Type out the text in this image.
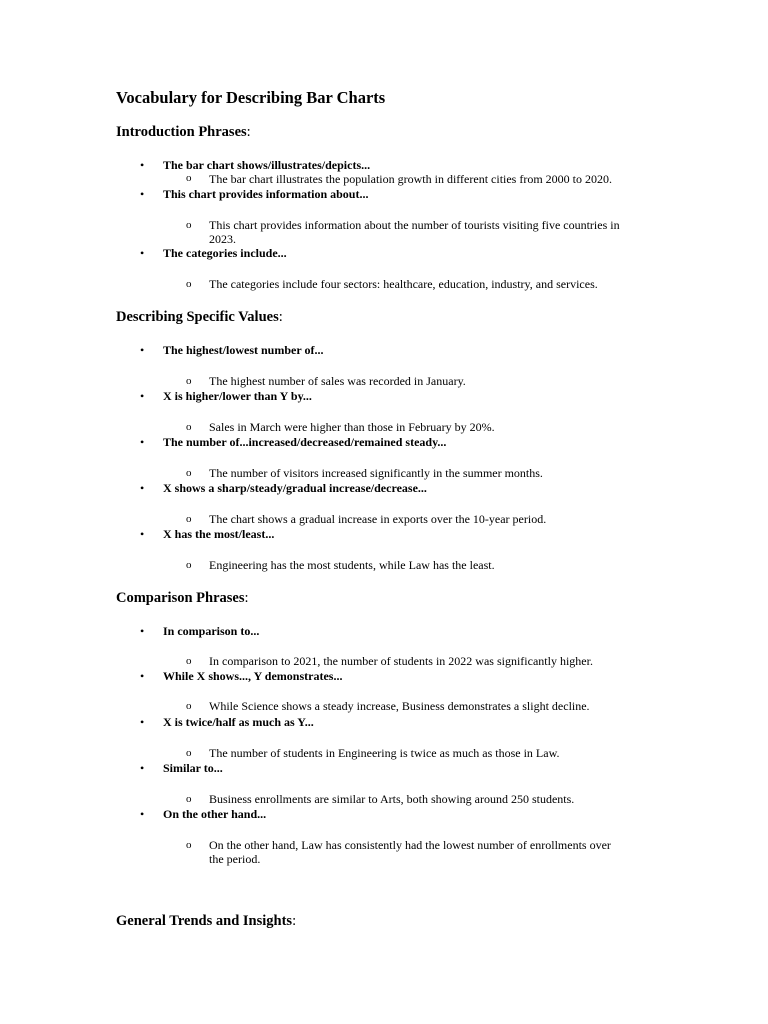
Vocabulary for Describing Bar Charts
Introduction Phrases:
• The bar chart shows/illustrates/depicts...
o The bar chart illustrates the population growth in different cities from 2000 to 2020.
• This chart provides information about...
o This chart provides information about the number of tourists visiting five countries in
2023.
• The categories include...
o The categories include four sectors: healthcare, education, industry, and services.
Describing Specific Values:
• The highest/lowest number of...
o The highest number of sales was recorded in January.
• X is higher/lower than Y by...
o Sales in March were higher than those in February by 20%.
• The number of...increased/decreased/remained steady...
o The number of visitors increased significantly in the summer months.
• X shows a sharp/steady/gradual increase/decrease...
o The chart shows a gradual increase in exports over the 10-year period.
• X has the most/least...
o Engineering has the most students, while Law has the least.
Comparison Phrases:
• In comparison to...
o In comparison to 2021, the number of students in 2022 was significantly higher.
• While X shows..., Y demonstrates...
o While Science shows a steady increase, Business demonstrates a slight decline.
• X is twice/half as much as Y...
o The number of students in Engineering is twice as much as those in Law.
• Similar to...
o Business enrollments are similar to Arts, both showing around 250 students.
• On the other hand...
o On the other hand, Law has consistently had the lowest number of enrollments over
the period.
General Trends and Insights:
